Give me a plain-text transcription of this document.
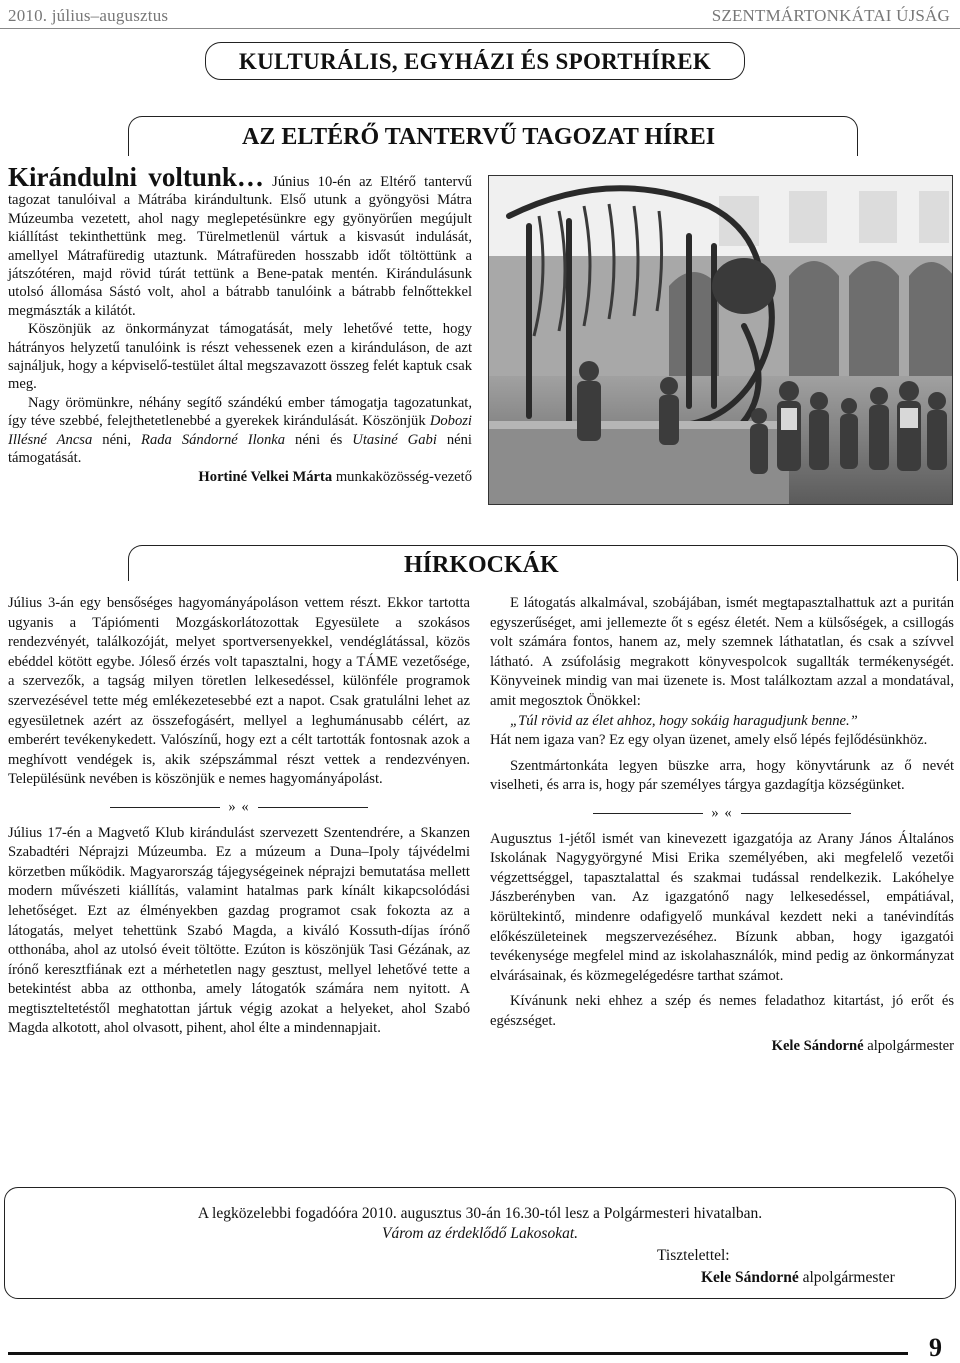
2010. július–augusztus	SZENTMÁRTONKÁTAI ÚJSÁG
KULTURÁLIS, EGYHÁZI ÉS SPORTHÍREK
AZ ELTÉRŐ TANTERVŰ TAGOZAT HÍREI

Kirándulni voltunk… Június 10-én az Eltérő tantervű tagozat tanulóival a Mátrába kirándultunk. Első utunk a gyöngyösi Mátra Múzeumba vezetett, ahol nagy meglepetésünkre egy gyönyörűen megújult kiállítást tekinthettünk meg. Türelmetlenül vártuk a kisvasút indulását, amellyel Mátrafüredig utaztunk. Mátrafüreden hosszabb időt töltöttünk a játszótéren, majd rövid túrát tettünk a Bene-patak mentén. Kirándulásunk utolsó állomása Sástó volt, ahol a bátrabb tanulóink a bátrabb felnőttekkel megmászták a kilátót.

Köszönjük az önkormányzat támogatását, mely lehetővé tette, hogy hátrányos helyzetű tanulóink is részt vehessenek ezen a kiránduláson, de azt sajnáljuk, hogy a képviselő-testület által megszavazott összeg felét kaptuk csak meg.

Nagy örömünkre, néhány segítő szándékú ember támogatja tagozatunkat, így téve szebbé, felejthetetlenebbé a gyerekek kirándulását. Köszönjük Dobozi Illésné Ancsa néni, Rada Sándorné Ilonka néni és Utasiné Gabi néni támogatását.

Hortiné Velkei Márta munkaközösség-vezető

HÍRKOCKÁK

Július 3-án egy bensőséges hagyományápoláson vettem részt. Ekkor tartotta ugyanis a Tápiómenti Mozgáskorlátozottak Egyesülete a szokásos rendezvényét, találkozóját, melyet sportversenyekkel, vendéglátással, közös ebéddel kötött egybe. Jóleső érzés volt tapasztalni, hogy a TÁME vezetősége, a szervezők, a tagság milyen töretlen lelkesedéssel, különféle programok szervezésével tette még emlékezetesebbé ezt a napot. Csak gratulálni lehet az egyesületnek azért az összefogásért, mellyel a leghumánusabb célért, az emberért tevékenykedett. Valószínű, hogy ezt a célt tartották fontosnak azok a meghívott vendégek is, akik szépszámmal részt vettek a rendezvényen. Településünk nevében is köszönjük e nemes hagyományápolást.

» «

Július 17-én a Magvető Klub kirándulást szervezett Szentendrére, a Skanzen Szabadtéri Néprajzi Múzeumba. Ez a múzeum a Duna–Ipoly tájvédelmi körzetben működik. Magyarország tájegységeinek néprajzi bemutatása mellett modern művészeti kiállítás, valamint hatalmas park kínált kikapcsolódási lehetőséget. Ezt az élményekben gazdag programot csak fokozta az a látogatás, melyet tehettünk Szabó Magda, a kiváló Kossuth-díjas írónő otthonába, ahol az utolsó éveit töltötte. Ezúton is köszönjük Tasi Gézának, az írónő keresztfiának ezt a mérhetetlen nagy gesztust, mellyel lehetővé tette a betekintést abba az otthonba, amely látogatók számára nem nyitott. A megtiszteltetéstől meghatottan jártuk végig azokat a helyeket, ahol Szabó Magda alkotott, ahol olvasott, pihent, ahol élte a mindennapjait.

E látogatás alkalmával, szobájában, ismét megtapasztalhattuk azt a puritán egyszerűséget, ami jellemezte őt s egész életét. Nem a külsőségek, a csillogás volt számára fontos, hanem az, mely szemnek láthatatlan, és csak a szívvel látható. A zsúfolásig megrakott könyvespolcok sugallták termékenységét. Könyveinek mindig van mai üzenete is. Most találkoztam azzal a mondatával, amit megosztok Önökkel:

„Túl rövid az élet ahhoz, hogy sokáig haragudjunk benne.”

Hát nem igaza van? Ez egy olyan üzenet, amely első lépés fejlődésünkhöz.

Szentmártonkáta legyen büszke arra, hogy könyvtárunk az ő nevét viselheti, és arra is, hogy pár személyes tárgya gazdagítja községünket.

» «

Augusztus 1-jétől ismét van kinevezett igazgatója az Arany János Általános Iskolának Nagygyörgyné Misi Erika személyében, aki megfelelő vezetői végzettséggel, tapasztalattal és szakmai tudással rendelkezik. Lakóhelye Jászberényben van. Az igazgatónő nagy lelkesedéssel, empátiával, körültekintő, mindenre odafigyelő munkával kezdett neki a tanévindítás előkészületeinek megszervezéséhez. Bízunk abban, hogy igazgatói tevékenysége megfelel mind az iskolahasználók, mind pedig az önkormányzat elvárásainak, és közmegelégedésre tarthat számot.

Kívánunk neki ehhez a szép és nemes feladathoz kitartást, jó erőt és egészséget.

Kele Sándorné alpolgármester

A legközelebbi fogadóóra 2010. augusztus 30-án 16.30-tól lesz a Polgármesteri hivatalban.
Várom az érdeklődő Lakosokat.
Tisztelettel:
Kele Sándorné alpolgármester
9
